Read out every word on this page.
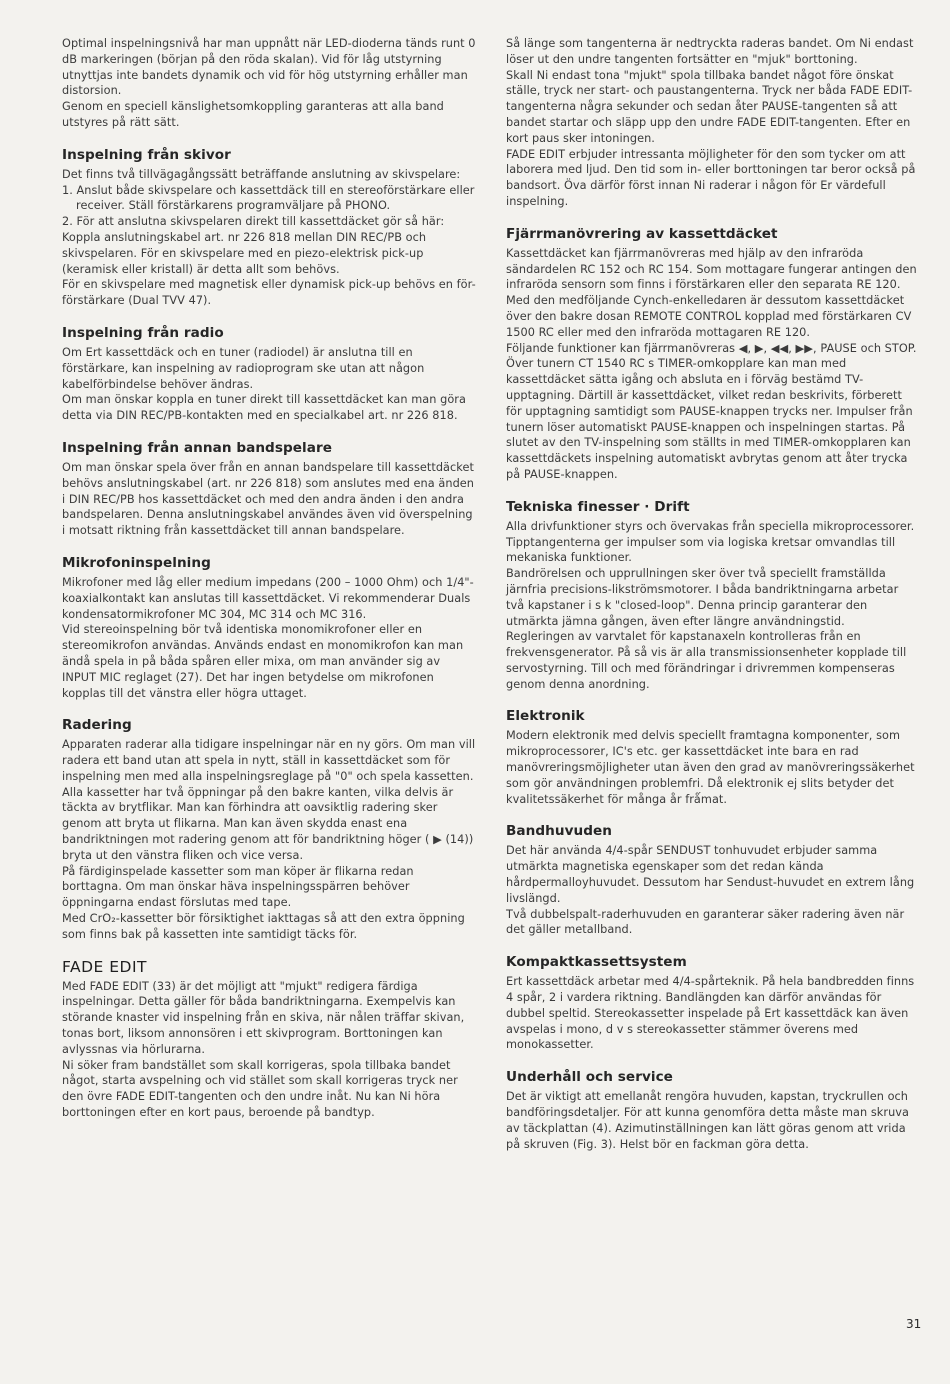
Optimal inspelningsnivå har man uppnått när LED-dioderna tänds runt 0 dB markeringen (början på den röda skalan). Vid för låg utstyrning utnyttjas inte bandets dynamik och vid för hög utstyrning erhåller man distorsion.

Genom en speciell känslighetsomkoppling garanteras att alla band utstyres på rätt sätt.

Inspelning från skivor

Det finns två tillvägagångssätt beträffande anslutning av skivspelare:

1. Anslut både skivspelare och kassettdäck till en stereoförstärkare eller receiver. Ställ förstärkarens programväljare på PHONO.

2. För att anslutna skivspelaren direkt till kassettdäcket gör så här:

Koppla anslutningskabel art. nr 226 818 mellan DIN REC/PB och skivspelaren. För en skivspelare med en piezo-elektrisk pick-up (keramisk eller kristall) är detta allt som behövs.

För en skivspelare med magnetisk eller dynamisk pick-up behövs en för-förstärkare (Dual TVV 47).

Inspelning från radio

Om Ert kassettdäck och en tuner (radiodel) är anslutna till en förstärkare, kan inspelning av radioprogram ske utan att någon kabelförbindelse behöver ändras.

Om man önskar koppla en tuner direkt till kassettdäcket kan man göra detta via DIN REC/PB-kontakten med en specialkabel art. nr 226 818.

Inspelning från annan bandspelare

Om man önskar spela över från en annan bandspelare till kassettdäcket behövs anslutningskabel (art. nr 226 818) som anslutes med ena änden i DIN REC/PB hos kassettdäcket och med den andra änden i den andra bandspelaren. Denna anslutningskabel användes även vid överspelning i motsatt riktning från kassettdäcket till annan bandspelare.

Mikrofoninspelning

Mikrofoner med låg eller medium impedans (200 – 1000 Ohm) och 1/4"-koaxialkontakt kan anslutas till kassettdäcket. Vi rekommenderar Duals kondensatormikrofoner MC 304, MC 314 och MC 316.

Vid stereoinspelning bör två identiska monomikrofoner eller en stereomikrofon användas. Används endast en monomikrofon kan man ändå spela in på båda spåren eller mixa, om man använder sig av INPUT MIC reglaget (27). Det har ingen betydelse om mikrofonen kopplas till det vänstra eller högra uttaget.

Radering

Apparaten raderar alla tidigare inspelningar när en ny görs. Om man vill radera ett band utan att spela in nytt, ställ in kassettdäcket som för inspelning men med alla inspelningsreglage på "0" och spela kassetten.

Alla kassetter har två öppningar på den bakre kanten, vilka delvis är täckta av brytflikar. Man kan förhindra att oavsiktlig radering sker genom att bryta ut flikarna. Man kan även skydda enast ena bandriktningen mot radering genom att för bandriktning höger ( ▶ (14)) bryta ut den vänstra fliken och vice versa.

På färdiginspelade kassetter som man köper är flikarna redan borttagna. Om man önskar häva inspelningsspärren behöver öppningarna endast förslutas med tape.

Med CrO₂-kassetter bör försiktighet iakttagas så att den extra öppning som finns bak på kassetten inte samtidigt täcks för.

FADE EDIT

Med FADE EDIT (33) är det möjligt att "mjukt" redigera färdiga inspelningar. Detta gäller för båda bandriktningarna. Exempelvis kan störande knaster vid inspelning från en skiva, när nålen träffar skivan, tonas bort, liksom annonsören i ett skivprogram. Borttoningen kan avlyssnas via hörlurarna.

Ni söker fram bandstället som skall korrigeras, spola tillbaka bandet något, starta avspelning och vid stället som skall korrigeras tryck ner den övre FADE EDIT-tangenten och den undre inåt. Nu kan Ni höra borttoningen efter en kort paus, beroende på bandtyp.

Så länge som tangenterna är nedtryckta raderas bandet. Om Ni endast löser ut den undre tangenten fortsätter en "mjuk" borttoning.

Skall Ni endast tona "mjukt" spola tillbaka bandet något före önskat ställe, tryck ner start- och paustangenterna. Tryck ner båda FADE EDIT-tangenterna några sekunder och sedan åter PAUSE-tangenten så att bandet startar och släpp upp den undre FADE EDIT-tangenten. Efter en kort paus sker intoningen.

FADE EDIT erbjuder intressanta möjligheter för den som tycker om att laborera med ljud. Den tid som in- eller borttoningen tar beror också på bandsort. Öva därför först innan Ni raderar i någon för Er värdefull inspelning.

Fjärrmanövrering av kassettdäcket

Kassettdäcket kan fjärrmanövreras med hjälp av den infraröda sändardelen RC 152 och RC 154. Som mottagare fungerar antingen den infraröda sensorn som finns i förstärkaren eller den separata RE 120.

Med den medföljande Cynch-enkelledaren är dessutom kassettdäcket över den bakre dosan REMOTE CONTROL kopplad med förstärkaren CV 1500 RC eller med den infraröda mottagaren RE 120.

Följande funktioner kan fjärrmanövreras ◀, ▶, ◀◀, ▶▶, PAUSE och STOP.

Över tunern CT 1540 RC s TIMER-omkopplare kan man med kassettdäcket sätta igång och absluta en i förväg bestämd TV-upptagning. Därtill är kassettdäcket, vilket redan beskrivits, förberett för upptagning samtidigt som PAUSE-knappen trycks ner. Impulser från tunern löser automatiskt PAUSE-knappen och inspelningen startas. På slutet av den TV-inspelning som ställts in med TIMER-omkopplaren kan kassettdäckets inspelning automatiskt avbrytas genom att åter trycka på PAUSE-knappen.

Tekniska finesser · Drift

Alla drivfunktioner styrs och övervakas från speciella mikroprocessorer. Tipptangenterna ger impulser som via logiska kretsar omvandlas till mekaniska funktioner.

Bandrörelsen och upprullningen sker över två speciellt framställda järnfria precisions-likströmsmotorer. I båda bandriktningarna arbetar två kapstaner i s k "closed-loop". Denna princip garanterar den utmärkta jämna gången, även efter längre användningstid.

Regleringen av varvtalet för kapstanaxeln kontrolleras från en frekvensgenerator. På så vis är alla transmissionsenheter kopplade till servostyrning. Till och med förändringar i drivremmen kompenseras genom denna anordning.

Elektronik

Modern elektronik med delvis speciellt framtagna komponenter, som mikroprocessorer, IC's etc. ger kassettdäcket inte bara en rad manövreringsmöjligheter utan även den grad av manövreringssäkerhet som gör användningen problemfri. Då elektronik ej slits betyder det kvalitetssäkerhet för många år frǻmat.

Bandhuvuden

Det här använda 4/4-spår SENDUST tonhuvudet erbjuder samma utmärkta magnetiska egenskaper som det redan kända hårdpermalloyhuvudet. Dessutom har Sendust-huvudet en extrem lång livslängd.

Två dubbelspalt-raderhuvuden en garanterar säker radering även när det gäller metallband.

Kompaktkassettsystem

Ert kassettdäck arbetar med 4/4-spårteknik. På hela bandbredden finns 4 spår, 2 i vardera riktning. Bandlängden kan därför användas för dubbel speltid. Stereokassetter inspelade på Ert kassettdäck kan även avspelas i mono, d v s stereokassetter stämmer överens med monokassetter.

Underhåll och service

Det är viktigt att emellanåt rengöra huvuden, kapstan, tryckrullen och bandföringsdetaljer. För att kunna genomföra detta måste man skruva av täckplattan (4). Azimutinställningen kan lätt göras genom att vrida på skruven (Fig. 3). Helst bör en fackman göra detta.

31
